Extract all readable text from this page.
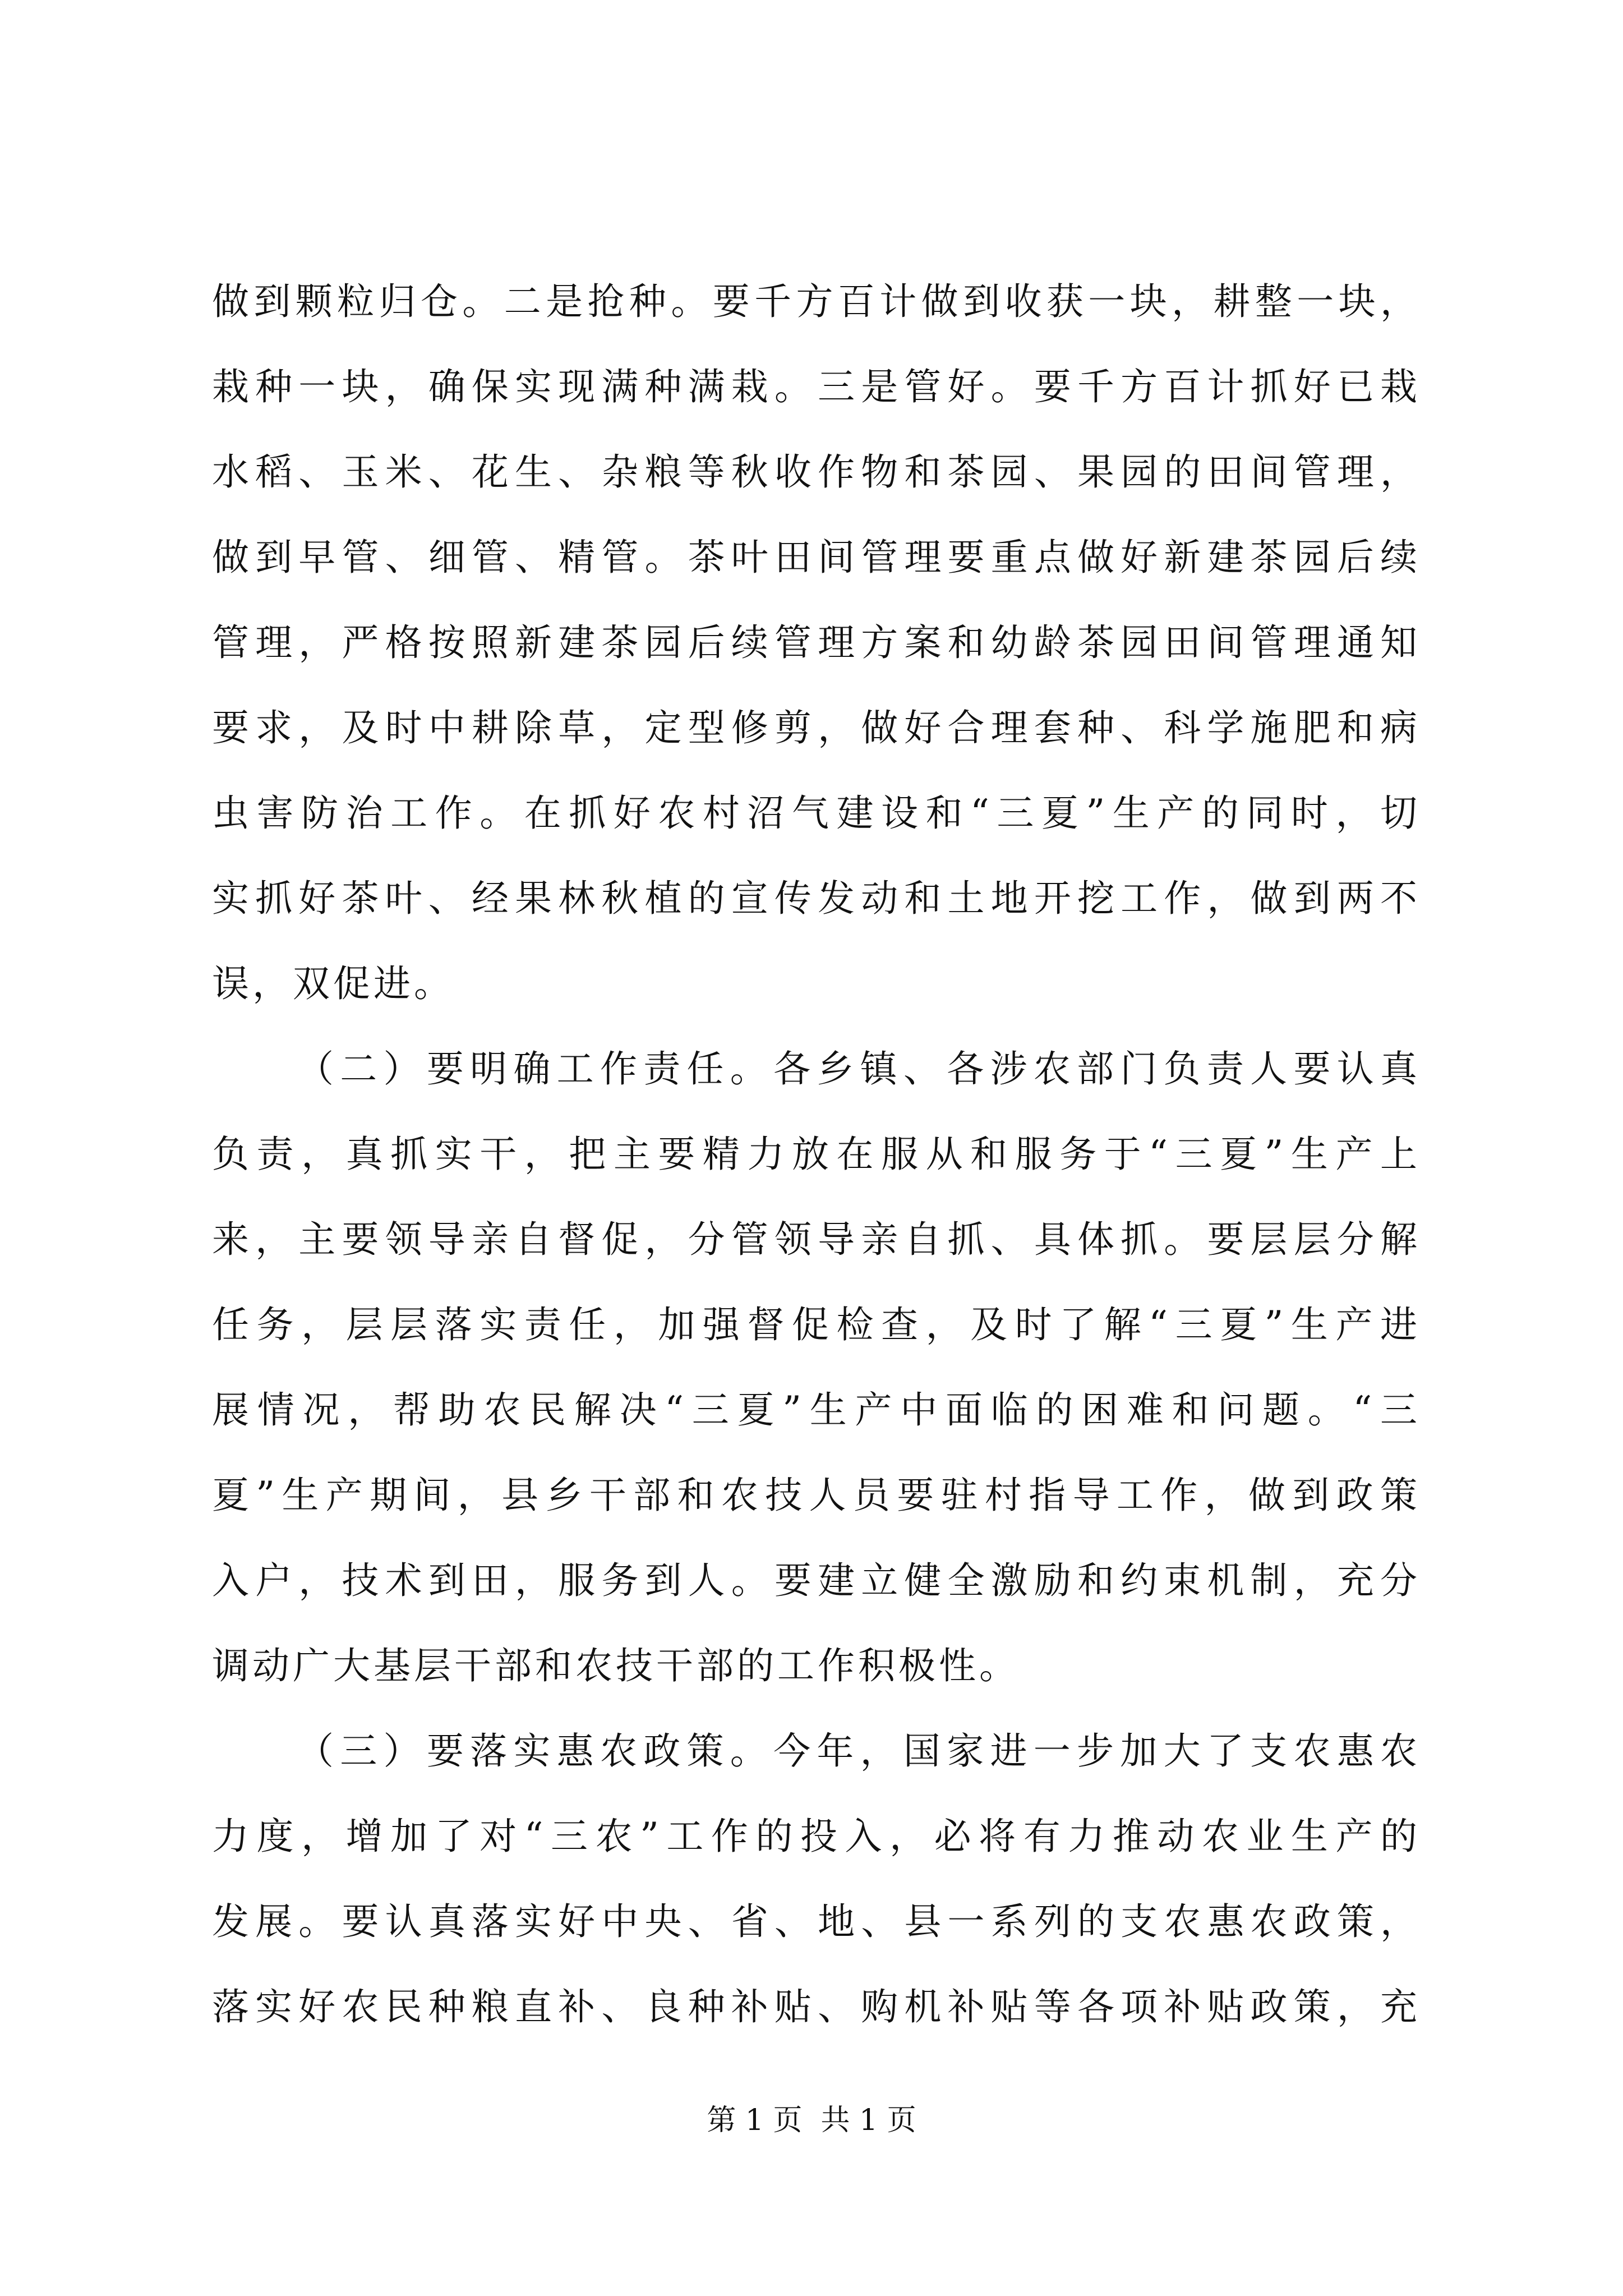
做到颗粒归仓。二是抢种。要千方百计做到收获一块，耕整一块，
栽种一块，确保实现满种满栽。三是管好。要千方百计抓好已栽
水稻、玉米、花生、杂粮等秋收作物和茶园、果园的田间管理，
做到早管、细管、精管。茶叶田间管理要重点做好新建茶园后续
管理，严格按照新建茶园后续管理方案和幼龄茶园田间管理通知
要求，及时中耕除草，定型修剪，做好合理套种、科学施肥和病
虫害防治工作。在抓好农村沼气建设和“三夏”生产的同时，切
实抓好茶叶、经果林秋植的宣传发动和土地开挖工作，做到两不
误，双促进。
（二）要明确工作责任。各乡镇、各涉农部门负责人要认真
负责，真抓实干，把主要精力放在服从和服务于“三夏”生产上
来，主要领导亲自督促，分管领导亲自抓、具体抓。要层层分解
任务，层层落实责任，加强督促检查，及时了解“三夏”生产进
展情况，帮助农民解决“三夏”生产中面临的困难和问题。“三
夏”生产期间，县乡干部和农技人员要驻村指导工作，做到政策
入户，技术到田，服务到人。要建立健全激励和约束机制，充分
调动广大基层干部和农技干部的工作积极性。
（三）要落实惠农政策。今年，国家进一步加大了支农惠农
力度，增加了对“三农”工作的投入，必将有力推动农业生产的
发展。要认真落实好中央、省、地、县一系列的支农惠农政策，
落实好农民种粮直补、良种补贴、购机补贴等各项补贴政策，充
第 1 页  共 1 页
